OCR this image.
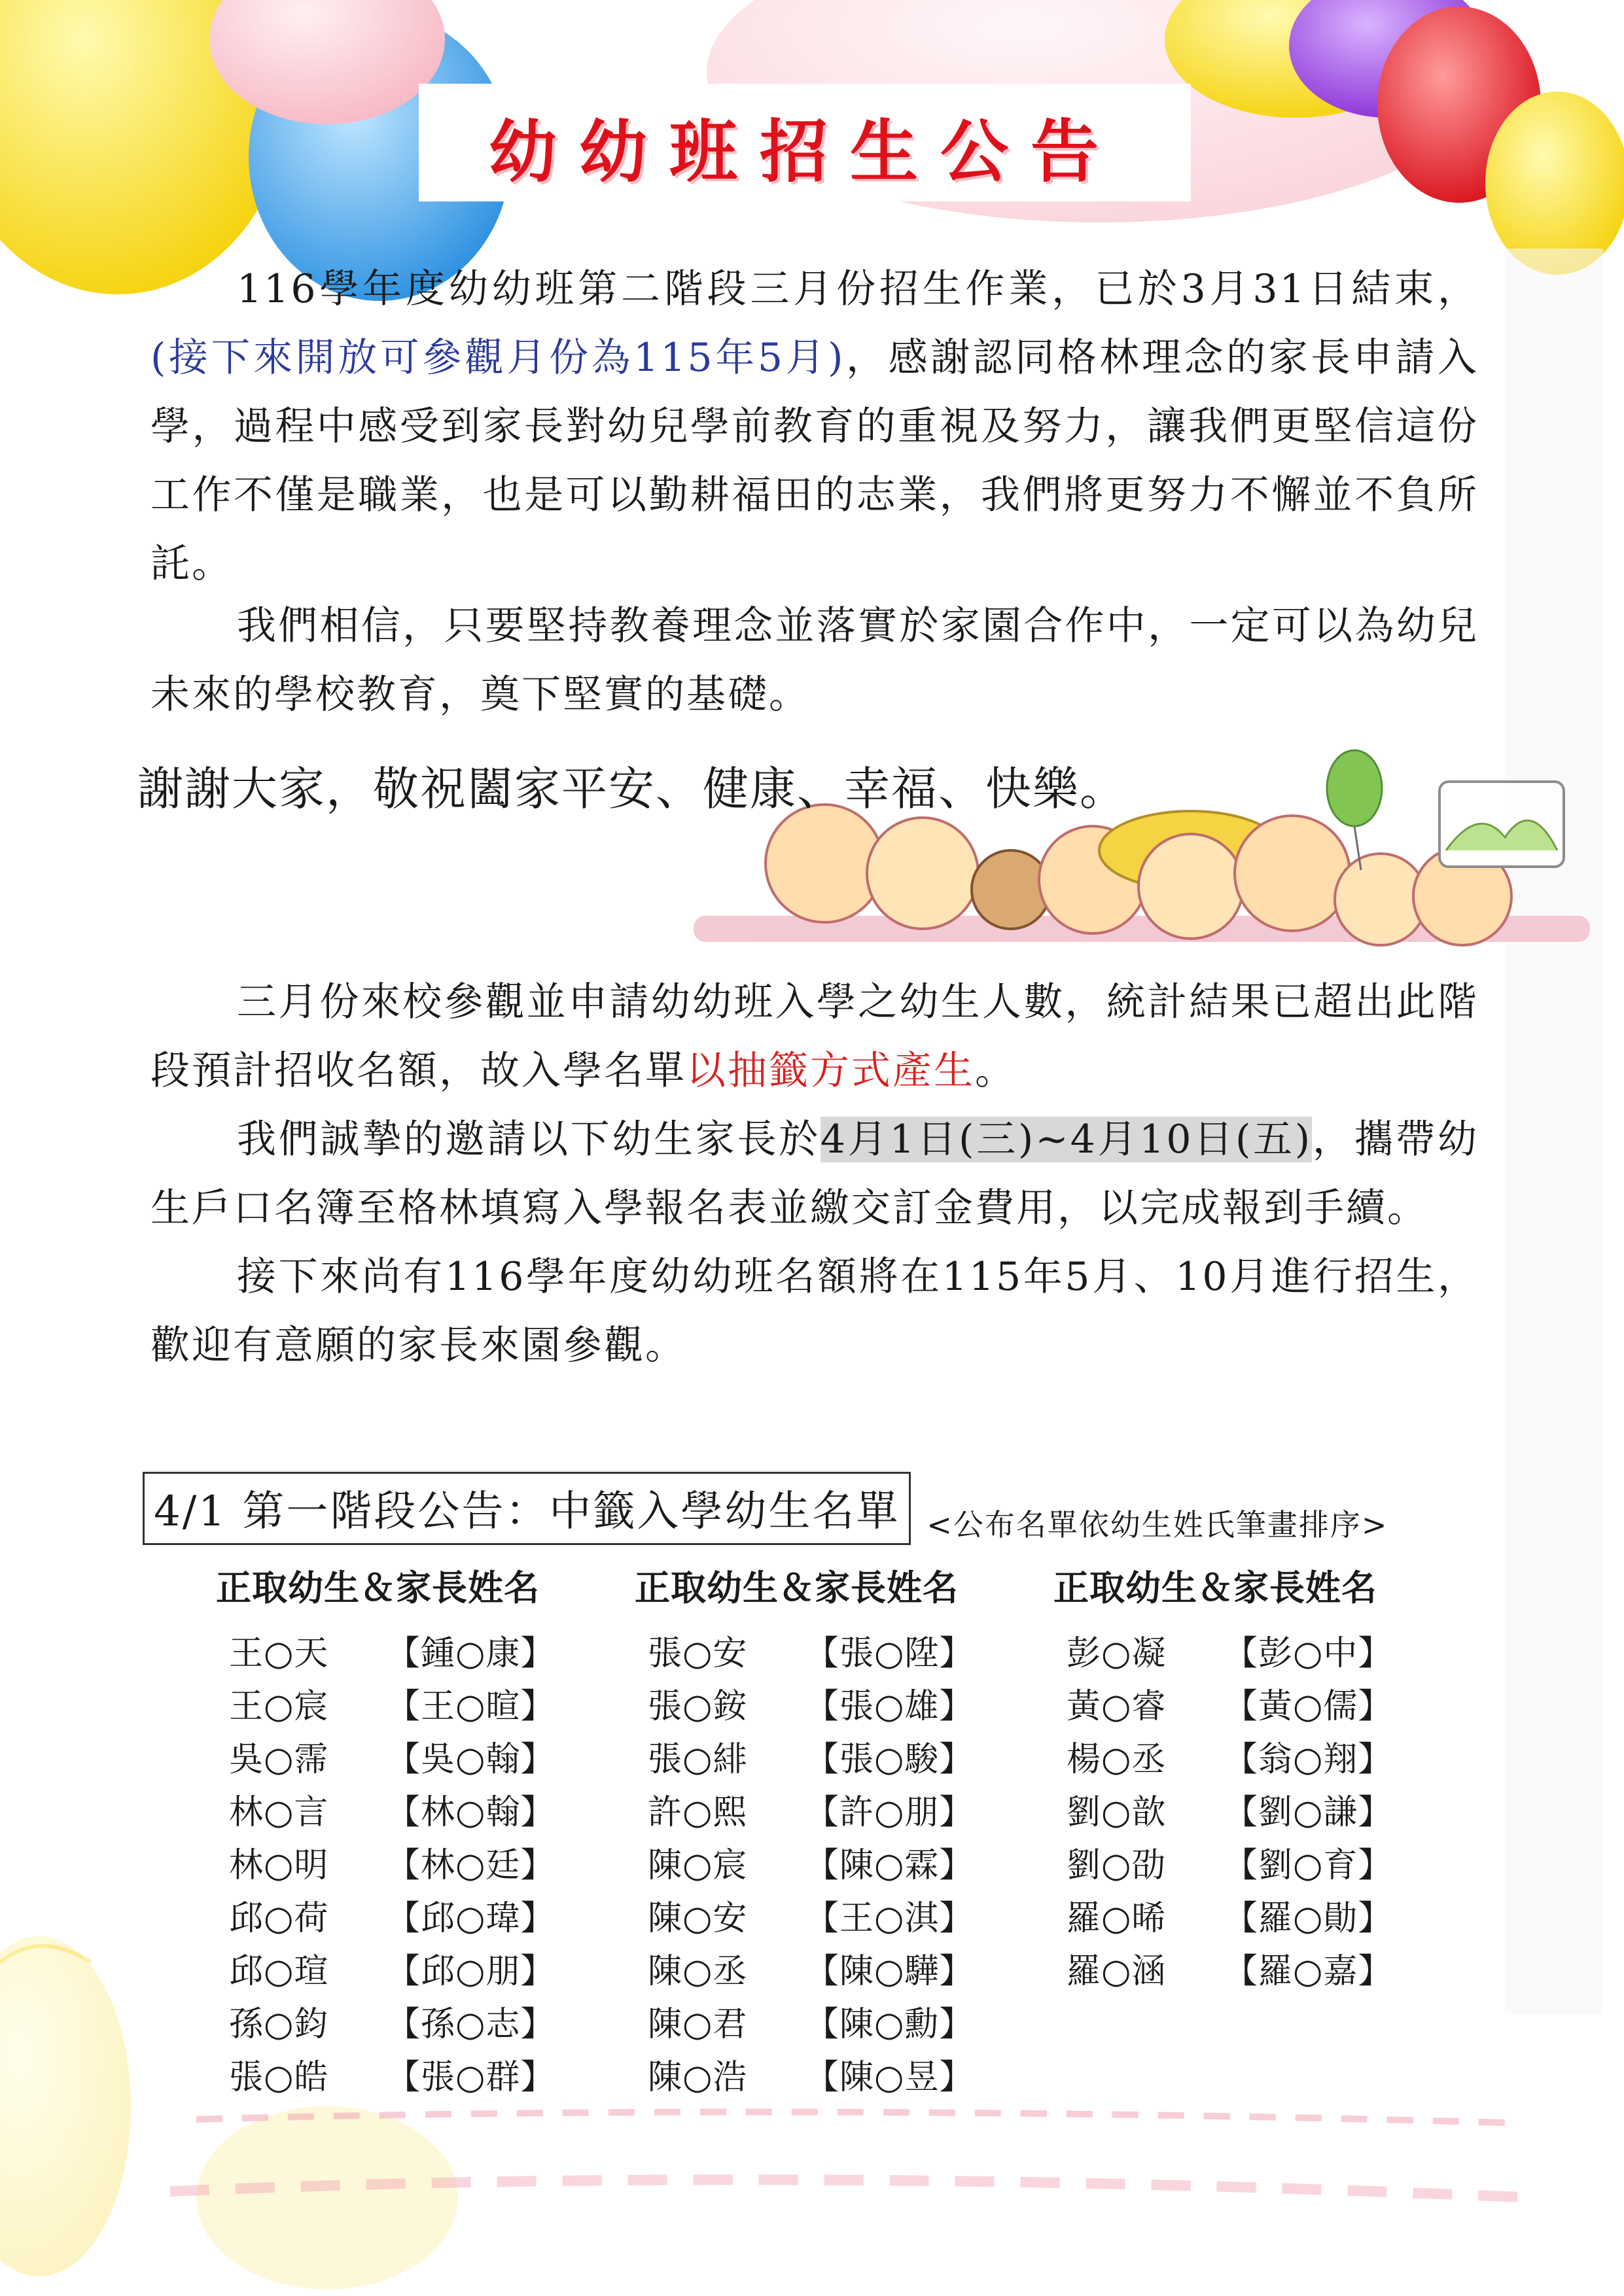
幼幼班招生公告

116學年度幼幼班第二階段三月份招生作業，已於3月31日結束，(接下來開放可參觀月份為115年5月)，感謝認同格林理念的家長申請入學，過程中感受到家長對幼兒學前教育的重視及努力，讓我們更堅信這份工作不僅是職業，也是可以勤耕福田的志業，我們將更努力不懈並不負所託。

我們相信，只要堅持教養理念並落實於家園合作中，一定可以為幼兒未來的學校教育，奠下堅實的基礎。

謝謝大家，敬祝闔家平安、健康、幸福、快樂。

三月份來校參觀並申請幼幼班入學之幼生人數，統計結果已超出此階段預計招收名額，故入學名單以抽籤方式產生。

我們誠摯的邀請以下幼生家長於4月1日(三)~4月10日(五)，攜帶幼生戶口名簿至格林填寫入學報名表並繳交訂金費用，以完成報到手續。

接下來尚有116學年度幼幼班名額將在115年5月、10月進行招生，歡迎有意願的家長來園參觀。

4/1 第一階段公告：中籤入學幼生名單 <公布名單依幼生姓氏筆畫排序>
正取幼生＆家長姓名
王○天 【鍾○康】
王○宸 【王○暄】
吳○霈 【吳○翰】
林○言 【林○翰】
林○明 【林○廷】
邱○荷 【邱○瑋】
邱○瑄 【邱○朋】
孫○鈞 【孫○志】
張○皓 【張○群】
正取幼生＆家長姓名
張○安 【張○陞】
張○銨 【張○雄】
張○緋 【張○駿】
許○熙 【許○朋】
陳○宸 【陳○霖】
陳○安 【王○淇】
陳○丞 【陳○驊】
陳○君 【陳○勳】
陳○浩 【陳○昱】
正取幼生＆家長姓名
彭○凝 【彭○中】
黃○睿 【黃○儒】
楊○丞 【翁○翔】
劉○歆 【劉○謙】
劉○劭 【劉○育】
羅○晞 【羅○勛】
羅○涵 【羅○嘉】
